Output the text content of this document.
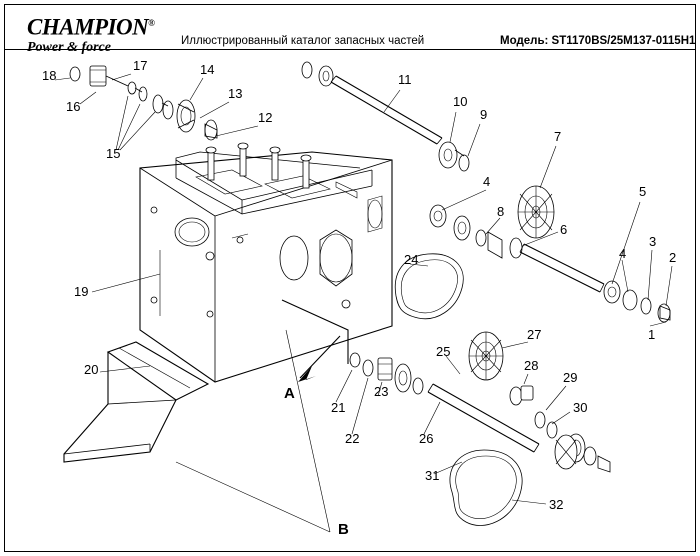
CHAMPION®
Power & force	Иллюстрированный каталог запасных частей	Модель: ST1170BS/25M137-0115H1
18
17
16
15
14
13
12
11
10
9
4
8
7
6
5
4
3
2
1
24
19
20
27
25
28
29
30
21
23
22	26
31
32
A
B
